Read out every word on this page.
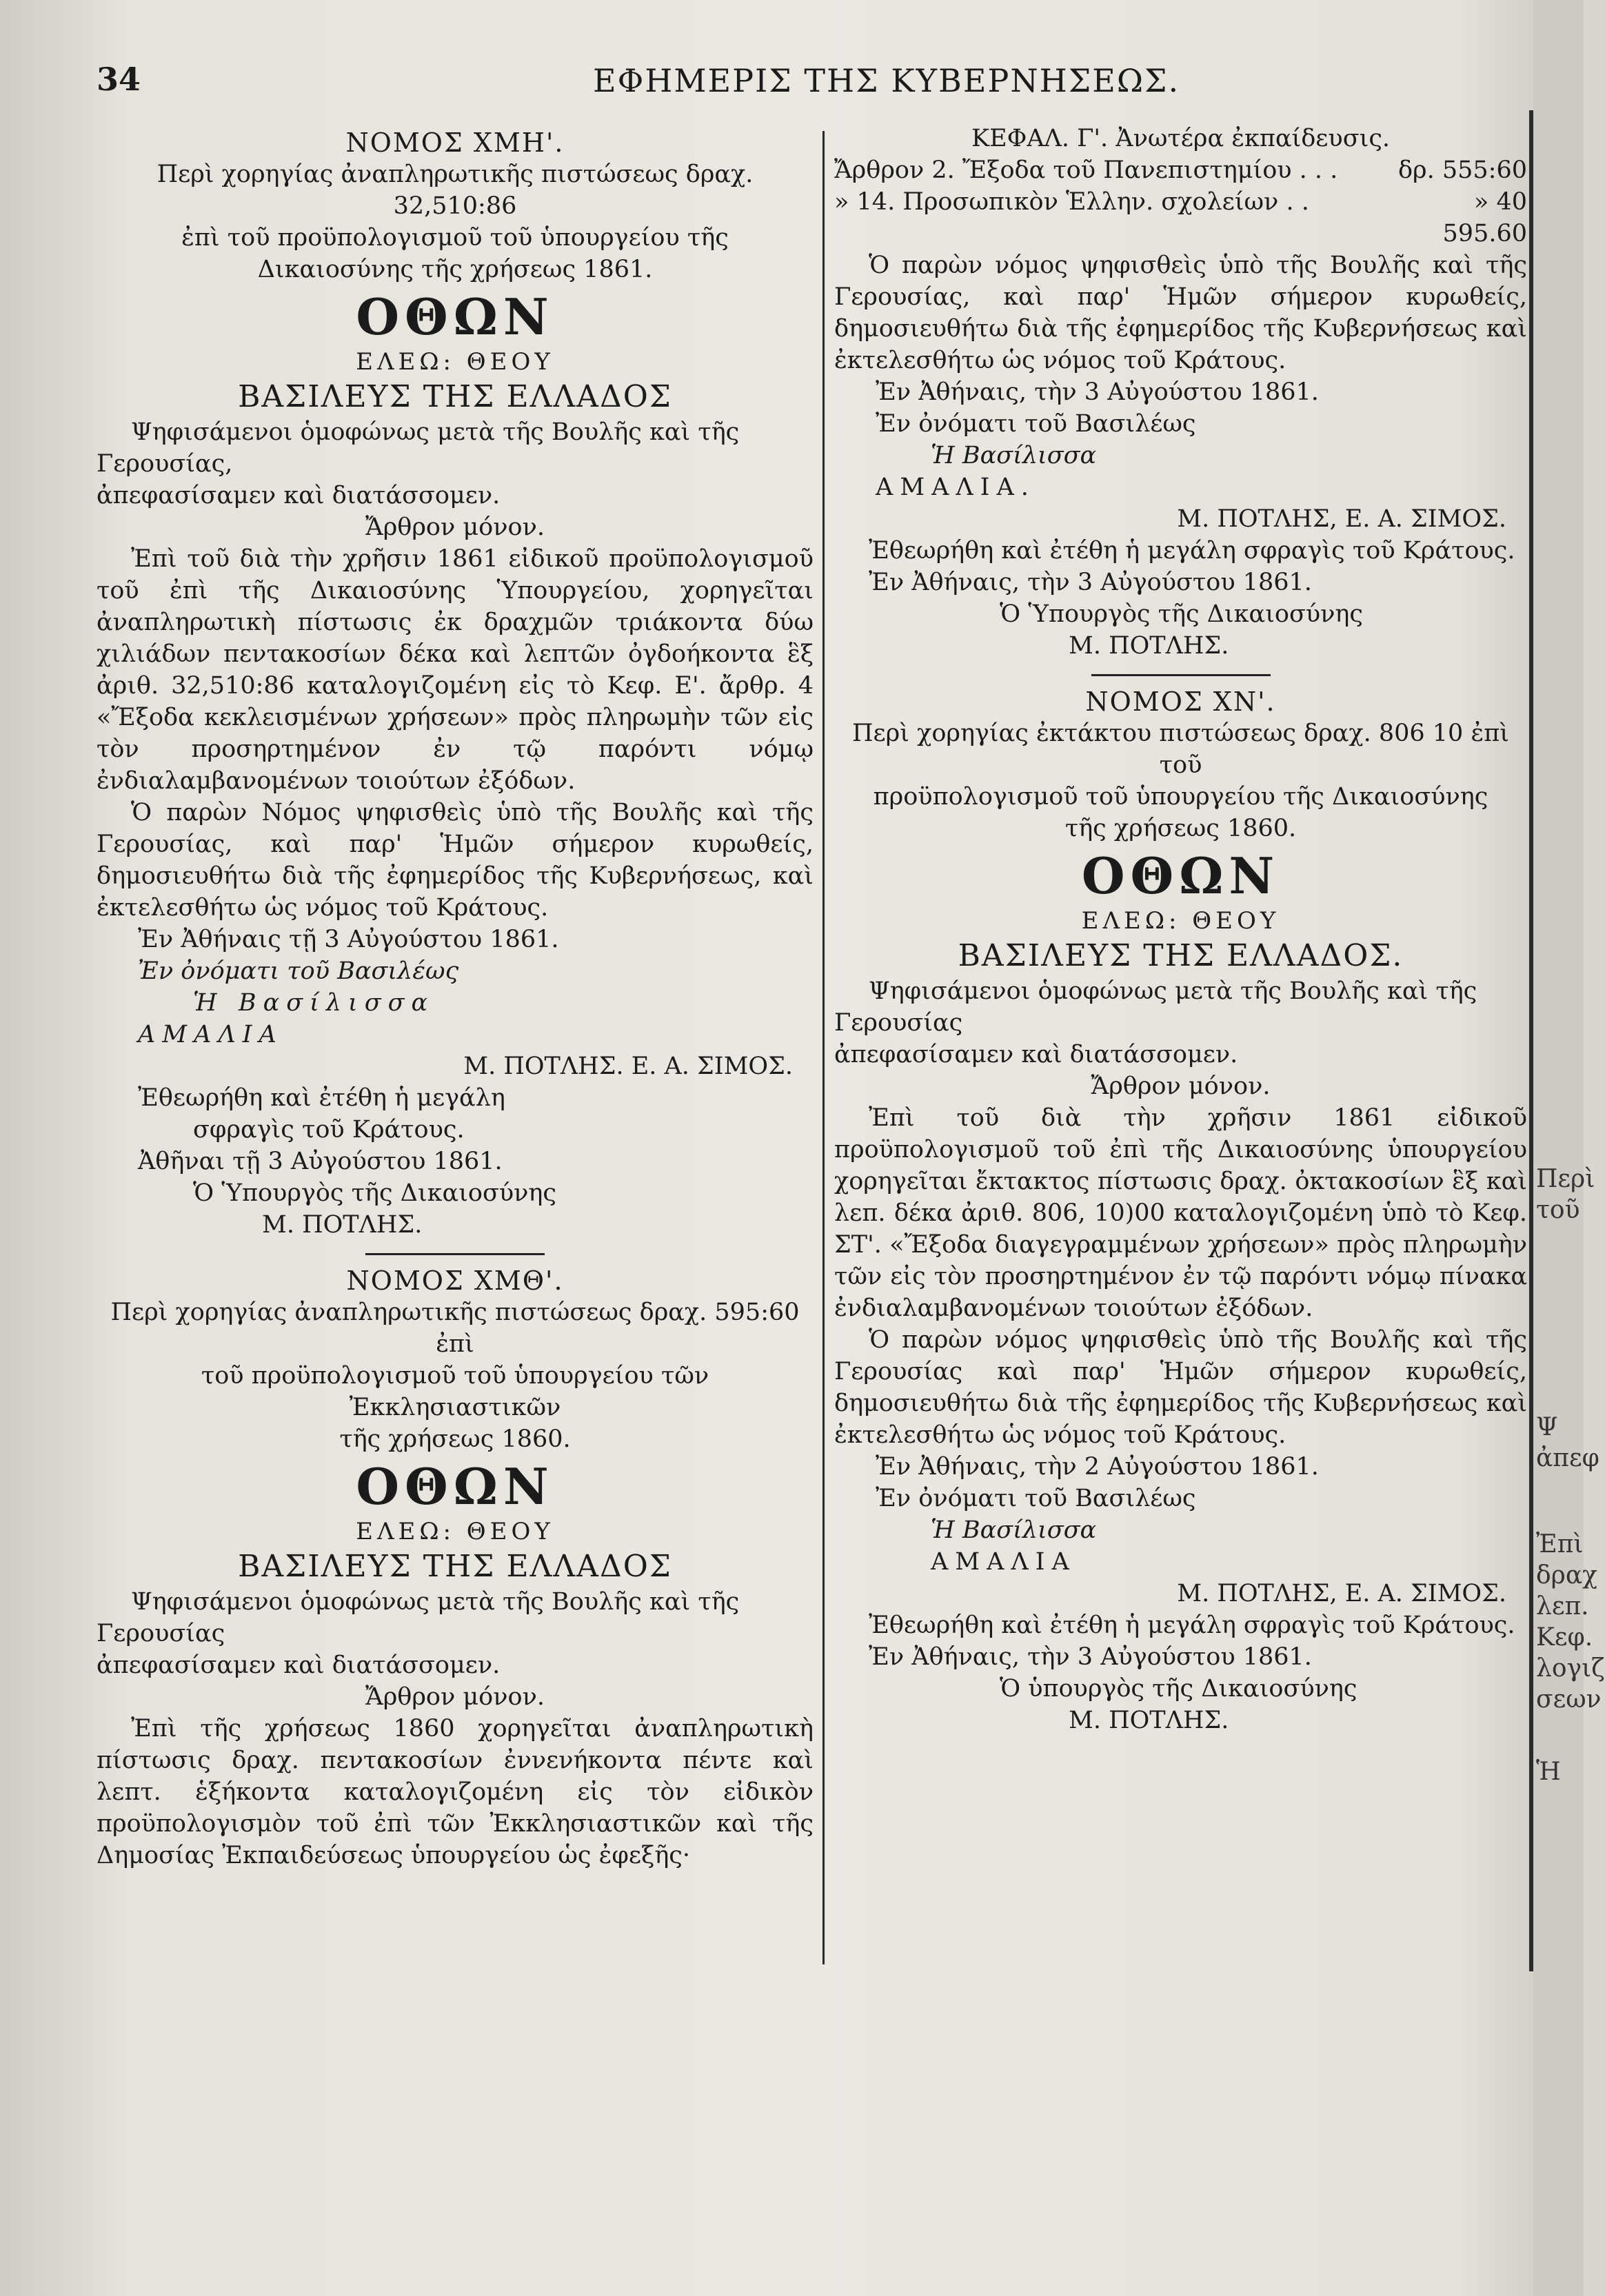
34	ΕΦΗΜΕΡΙΣ ΤΗΣ ΚΥΒΕΡΝΗΣΕΩΣ.
ΝΟΜΟΣ ΧΜΗ'.
Περὶ χορηγίας ἀναπληρωτικῆς πιστώσεως δραχ. 32,510:86
ἐπὶ τοῦ προϋπολογισμοῦ τοῦ ὑπουργείου τῆς
Δικαιοσύνης τῆς χρήσεως 1861.
ΟΘΩΝ
ΕΛΕΩ: ΘΕΟΥ
ΒΑΣΙΛΕΥΣ ΤΗΣ ΕΛΛΑΔΟΣ
Ψηφισάμενοι ὁμοφώνως μετὰ τῆς Βουλῆς καὶ τῆς Γερουσίας,
ἀπεφασίσαμεν καὶ διατάσσομεν.
Ἄρθρον μόνον.
Ἐπὶ τοῦ διὰ τὴν χρῆσιν 1861 εἰδικοῦ προϋπολογισμοῦ τοῦ ἐπὶ τῆς Δικαιοσύνης Ὑπουργείου, χορηγεῖται ἀναπληρωτικὴ πίστωσις ἐκ δραχμῶν τριάκοντα δύω χιλιάδων πεντακοσίων δέκα καὶ λεπτῶν ὀγδοήκοντα ἓξ ἀριθ. 32,510:86 καταλογιζομένη εἰς τὸ Κεφ. Ε'. ἄρθρ. 4 «Ἔξοδα κεκλεισμένων χρήσεων» πρὸς πληρωμὴν τῶν εἰς τὸν προσηρτημένον ἐν τῷ παρόντι νόμῳ ἐνδιαλαμβανομένων τοιούτων ἐξόδων.
Ὁ παρὼν Νόμος ψηφισθεὶς ὑπὸ τῆς Βουλῆς καὶ τῆς Γερουσίας, καὶ παρ' Ἡμῶν σήμερον κυρωθείς, δημοσιευθήτω διὰ τῆς ἐφημερίδος τῆς Κυβερνήσεως, καὶ ἐκτελεσθήτω ὡς νόμος τοῦ Κράτους.
Ἐν Ἀθήναις τῇ 3 Αὐγούστου 1861.
Ἐν ὀνόματι τοῦ Βασιλέως
Ἡ Βασίλισσα
ΑΜΑΛΙΑ
Μ. ΠΟΤΛΗΣ. Ε. Α. ΣΙΜΟΣ.
Ἐθεωρήθη καὶ ἐτέθη ἡ μεγάλη
σφραγὶς τοῦ Κράτους.
Ἀθῆναι τῇ 3 Αὐγούστου 1861.
Ὁ Ὑπουργὸς τῆς Δικαιοσύνης
Μ. ΠΟΤΛΗΣ.
ΝΟΜΟΣ ΧΜΘ'.
Περὶ χορηγίας ἀναπληρωτικῆς πιστώσεως δραχ. 595:60 ἐπὶ
τοῦ προϋπολογισμοῦ τοῦ ὑπουργείου τῶν Ἐκκλησιαστικῶν
τῆς χρήσεως 1860.
ΟΘΩΝ
ΕΛΕΩ: ΘΕΟΥ
ΒΑΣΙΛΕΥΣ ΤΗΣ ΕΛΛΑΔΟΣ
Ψηφισάμενοι ὁμοφώνως μετὰ τῆς Βουλῆς καὶ τῆς Γερουσίας
ἀπεφασίσαμεν καὶ διατάσσομεν.
Ἄρθρον μόνον.
Ἐπὶ τῆς χρήσεως 1860 χορηγεῖται ἀναπληρωτικὴ πίστωσις δραχ. πεντακοσίων ἐννενήκοντα πέντε καὶ λεπτ. ἑξήκοντα καταλογιζομένη εἰς τὸν εἰδικὸν προϋπολογισμὸν τοῦ ἐπὶ τῶν Ἐκκλησιαστικῶν καὶ τῆς Δημοσίας Ἐκπαιδεύσεως ὑπουργείου ὡς ἐφεξῆς·
ΚΕΦΑΛ. Γ'. Ἀνωτέρα ἐκπαίδευσις.
Ἄρθρον 2. Ἔξοδα τοῦ Πανεπιστημίου . . .	δρ. 555:60
» 14. Προσωπικὸν Ἑλλην. σχολείων . .	» 40
595.60
Ὁ παρὼν νόμος ψηφισθεὶς ὑπὸ τῆς Βουλῆς καὶ τῆς Γερουσίας, καὶ παρ' Ἡμῶν σήμερον κυρωθείς, δημοσιευθήτω διὰ τῆς ἐφημερίδος τῆς Κυβερνήσεως καὶ ἐκτελεσθήτω ὡς νόμος τοῦ Κράτους.
Ἐν Ἀθήναις, τὴν 3 Αὐγούστου 1861.
Ἐν ὀνόματι τοῦ Βασιλέως
Ἡ Βασίλισσα
ΑΜΑΛΙΑ.
Μ. ΠΟΤΛΗΣ, Ε. Α. ΣΙΜΟΣ.
Ἐθεωρήθη καὶ ἐτέθη ἡ μεγάλη σφραγὶς τοῦ Κράτους.
Ἐν Ἀθήναις, τὴν 3 Αὐγούστου 1861.
Ὁ Ὑπουργὸς τῆς Δικαιοσύνης
Μ. ΠΟΤΛΗΣ.
ΝΟΜΟΣ ΧΝ'.
Περὶ χορηγίας ἐκτάκτου πιστώσεως δραχ. 806 10 ἐπὶ τοῦ
προϋπολογισμοῦ τοῦ ὑπουργείου τῆς Δικαιοσύνης
τῆς χρήσεως 1860.
ΟΘΩΝ
ΕΛΕΩ: ΘΕΟΥ
ΒΑΣΙΛΕΥΣ ΤΗΣ ΕΛΛΑΔΟΣ.
Ψηφισάμενοι ὁμοφώνως μετὰ τῆς Βουλῆς καὶ τῆς Γερουσίας
ἀπεφασίσαμεν καὶ διατάσσομεν.
Ἄρθρον μόνον.
Ἐπὶ τοῦ διὰ τὴν χρῆσιν 1861 εἰδικοῦ προϋπολογισμοῦ τοῦ ἐπὶ τῆς Δικαιοσύνης ὑπουργείου χορηγεῖται ἔκτακτος πίστωσις δραχ. ὀκτακοσίων ἓξ καὶ λεπ. δέκα ἀριθ. 806, 10)00 καταλογιζομένη ὑπὸ τὸ Κεφ. ΣΤ'. «Ἔξοδα διαγεγραμμένων χρήσεων» πρὸς πληρωμὴν τῶν εἰς τὸν προσηρτημένον ἐν τῷ παρόντι νόμῳ πίνακα ἐνδιαλαμβανομένων τοιούτων ἐξόδων.
Ὁ παρὼν νόμος ψηφισθεὶς ὑπὸ τῆς Βουλῆς καὶ τῆς Γερουσίας καὶ παρ' Ἡμῶν σήμερον κυρωθείς, δημοσιευθήτω διὰ τῆς ἐφημερίδος τῆς Κυβερνήσεως καὶ ἐκτελεσθήτω ὡς νόμος τοῦ Κράτους.
Ἐν Ἀθήναις, τὴν 2 Αὐγούστου 1861.
Ἐν ὀνόματι τοῦ Βασιλέως
Ἡ Βασίλισσα
ΑΜΑΛΙΑ
Μ. ΠΟΤΛΗΣ, Ε. Α. ΣΙΜΟΣ.
Ἐθεωρήθη καὶ ἐτέθη ἡ μεγάλη σφραγὶς τοῦ Κράτους.
Ἐν Ἀθήναις, τὴν 3 Αὐγούστου 1861.
Ὁ ὑπουργὸς τῆς Δικαιοσύνης
Μ. ΠΟΤΛΗΣ.
Περὶ
τοῦ
Ψ
ἀπεφ
Ἐπὶ
δραχ
λεπ.
Κεφ.
λογιζ
σεων
Ἡ
